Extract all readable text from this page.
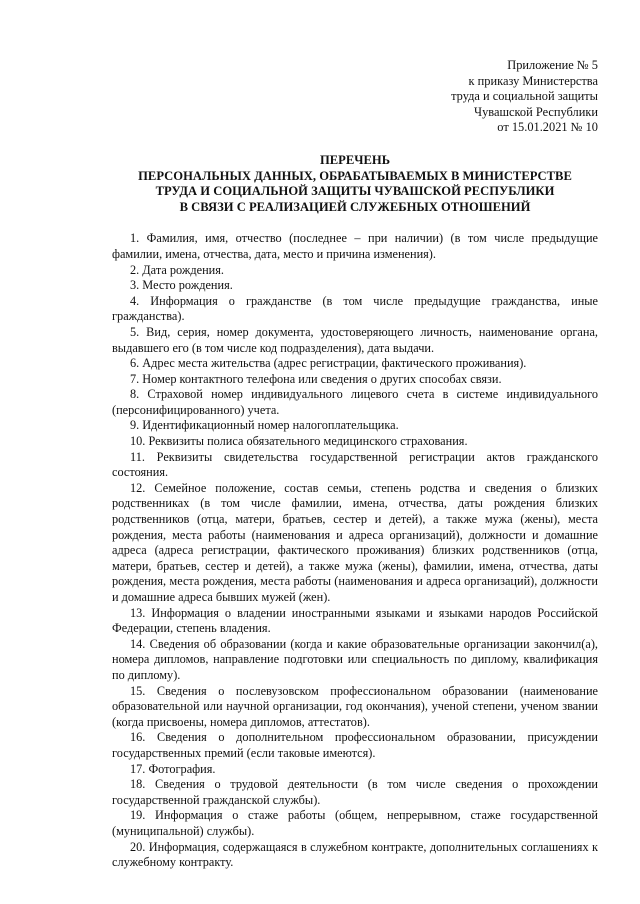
Приложение № 5
к приказу Министерства
труда и социальной защиты
Чувашской Республики
от 15.01.2021 № 10
ПЕРЕЧЕНЬ
ПЕРСОНАЛЬНЫХ ДАННЫХ, ОБРАБАТЫВАЕМЫХ В МИНИСТЕРСТВЕ
ТРУДА И СОЦИАЛЬНОЙ ЗАЩИТЫ ЧУВАШСКОЙ РЕСПУБЛИКИ
В СВЯЗИ С РЕАЛИЗАЦИЕЙ СЛУЖЕБНЫХ ОТНОШЕНИЙ

1. Фамилия, имя, отчество (последнее – при наличии) (в том числе предыдущие фамилии, имена, отчества, дата, место и причина изменения).

2. Дата рождения.

3. Место рождения.

4. Информация о гражданстве (в том числе предыдущие гражданства, иные гражданства).

5. Вид, серия, номер документа, удостоверяющего личность, наименование органа, выдавшего его (в том числе код подразделения), дата выдачи.

6. Адрес места жительства (адрес регистрации, фактического проживания).

7. Номер контактного телефона или сведения о других способах связи.

8. Страховой номер индивидуального лицевого счета в системе индивидуального (персонифицированного) учета.

9. Идентификационный номер налогоплательщика.

10. Реквизиты полиса обязательного медицинского страхования.

11. Реквизиты свидетельства государственной регистрации актов гражданского состояния.

12. Семейное положение, состав семьи, степень родства и сведения о близких родственниках (в том числе фамилии, имена, отчества, даты рождения близких родственников (отца, матери, братьев, сестер и детей), а также мужа (жены), места рождения, места работы (наименования и адреса организаций), должности и домашние адреса (адреса регистрации, фактического проживания) близких родственников (отца, матери, братьев, сестер и детей), а также мужа (жены), фамилии, имена, отчества, даты рождения, места рождения, места работы (наименования и адреса организаций), должности и домашние адреса бывших мужей (жен).

13. Информация о владении иностранными языками и языками народов Российской Федерации, степень владения.

14. Сведения об образовании (когда и какие образовательные организации закончил(а), номера дипломов, направление подготовки или специальность по диплому, квалификация по диплому).

15. Сведения о послевузовском профессиональном образовании (наименование образовательной или научной организации, год окончания), ученой степени, ученом звании (когда присвоены, номера дипломов, аттестатов).

16. Сведения о дополнительном профессиональном образовании, присуждении государственных премий (если таковые имеются).

17. Фотография.

18. Сведения о трудовой деятельности (в том числе сведения о прохождении государственной гражданской службы).

19. Информация о стаже работы (общем, непрерывном, стаже государственной (муниципальной) службы).

20. Информация, содержащаяся в служебном контракте, дополнительных соглашениях к служебному контракту.
